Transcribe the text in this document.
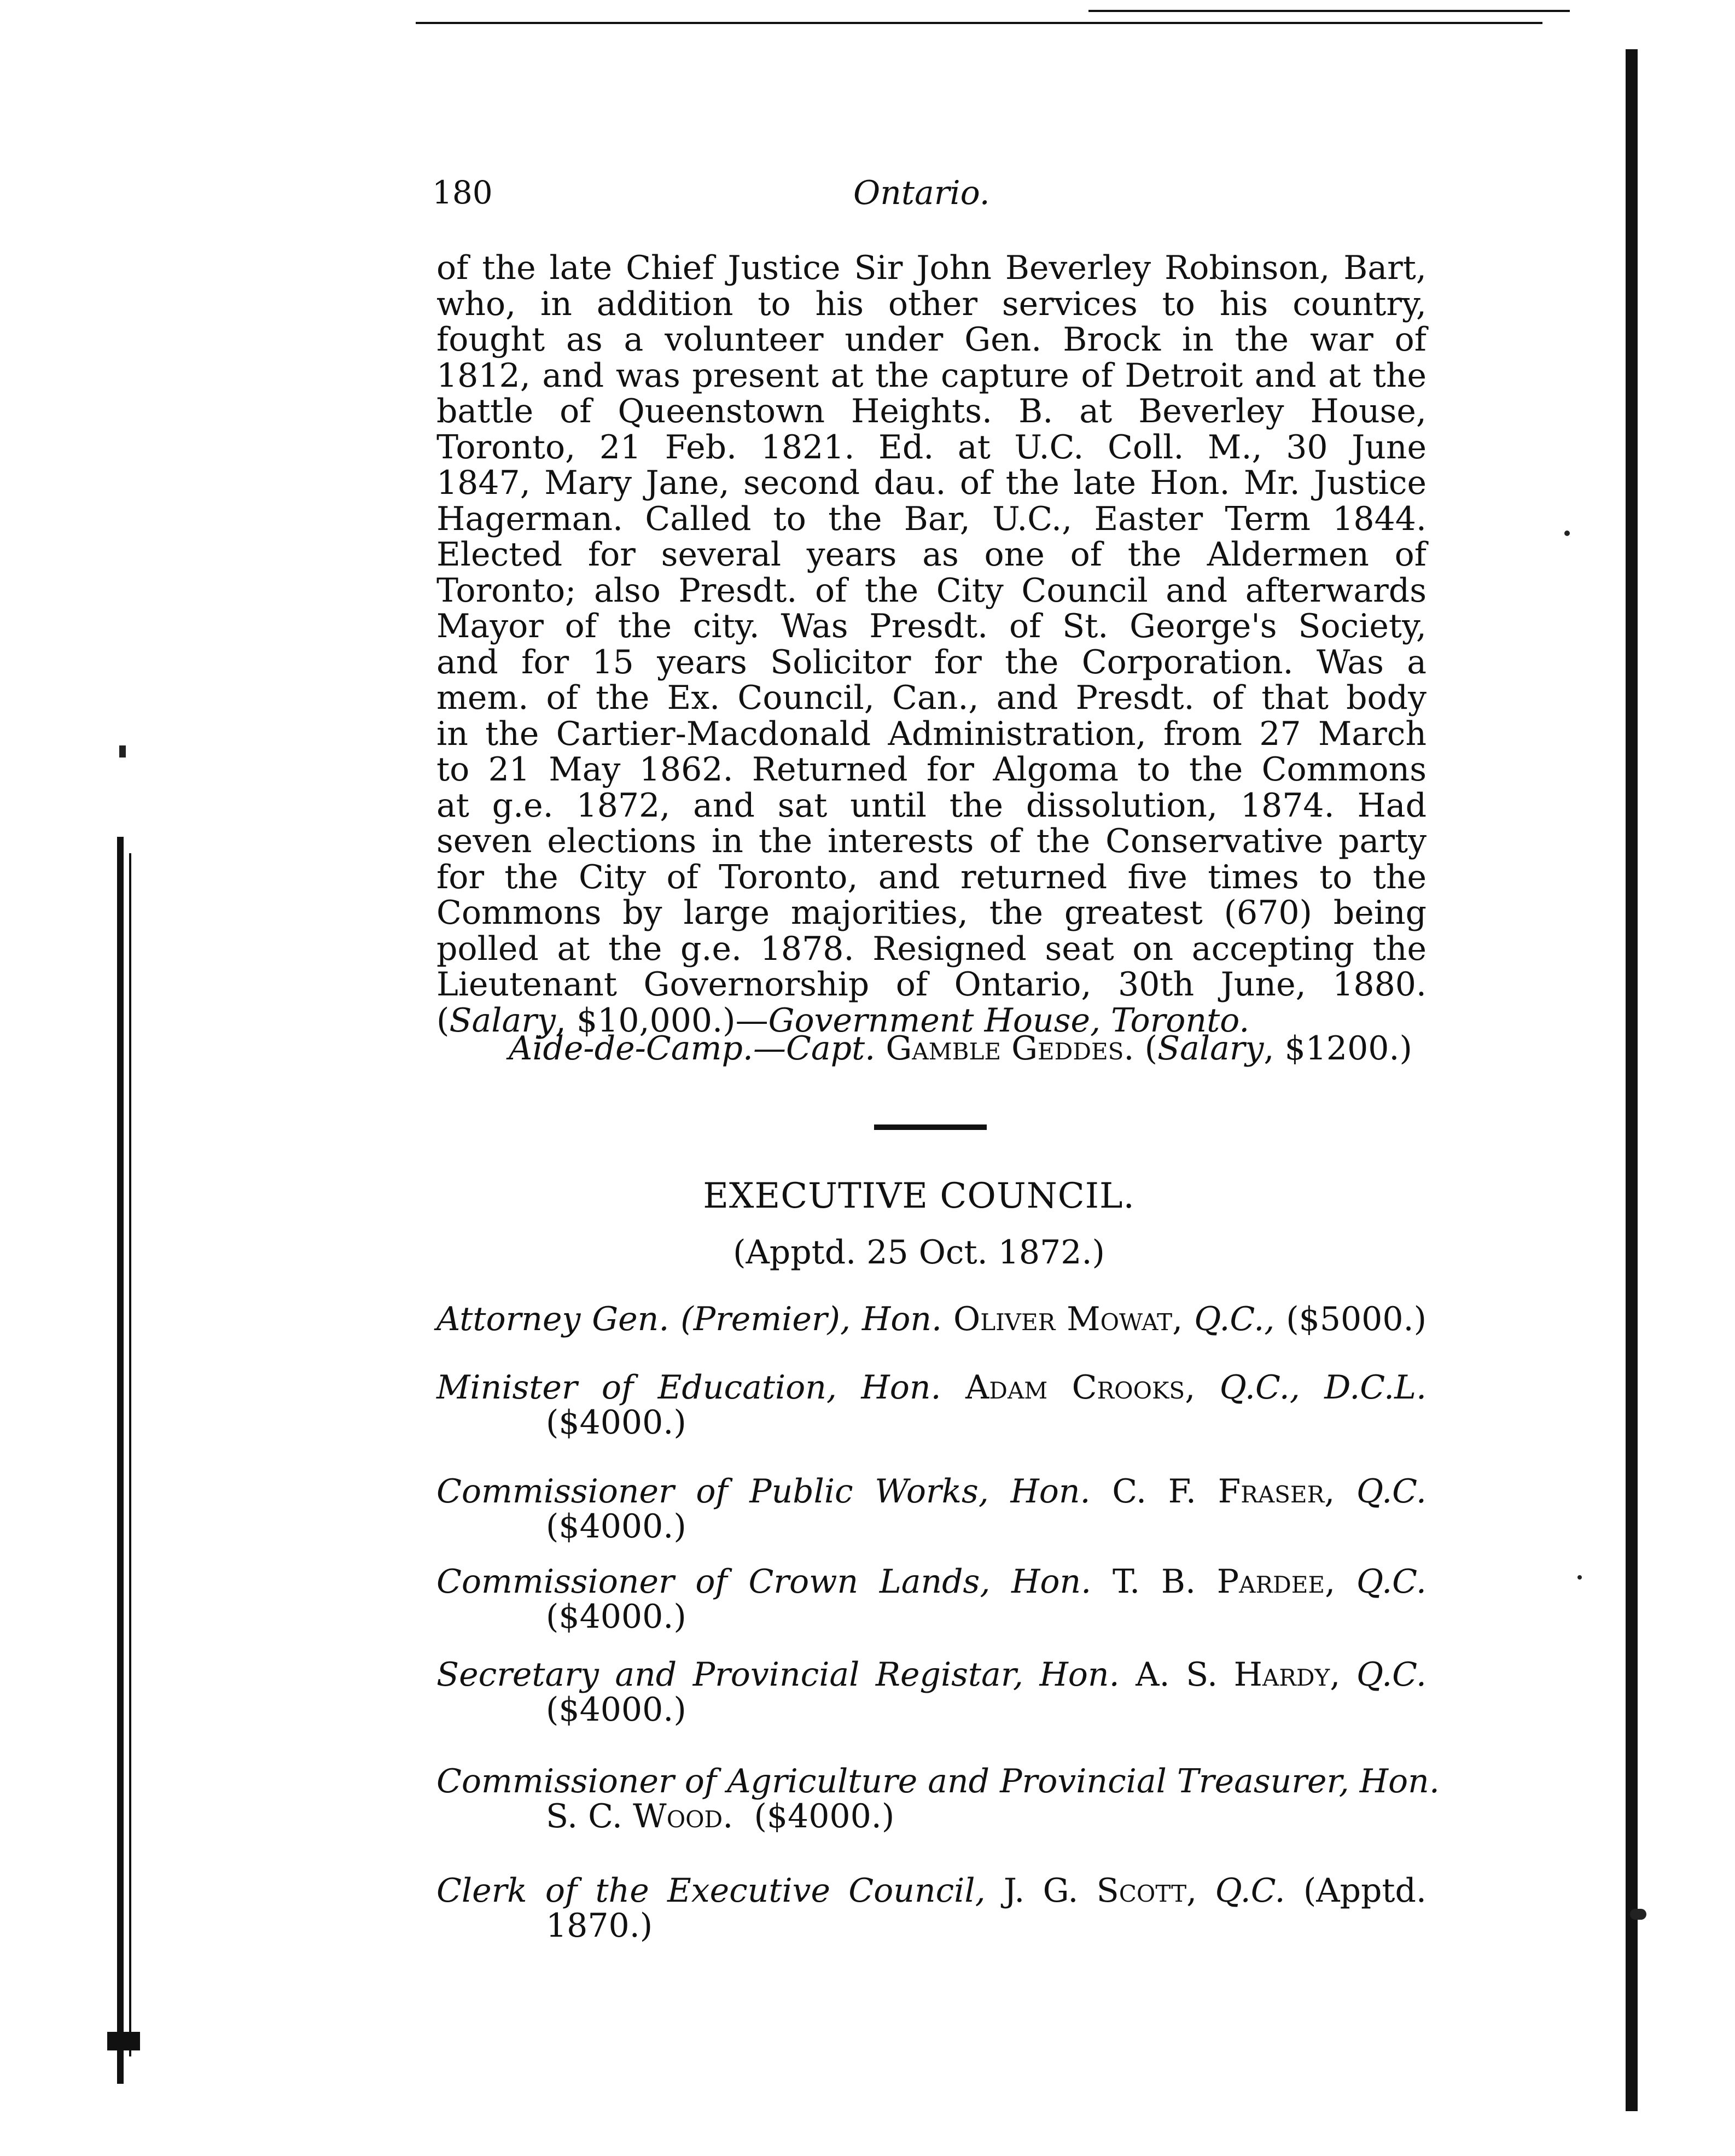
180	Ontario.
of the late Chief Justice Sir John Beverley Robinson, Bart,
who, in addition to his other services to his country,
fought as a volunteer under Gen. Brock in the war of
1812, and was present at the capture of Detroit and at the
battle of Queenstown Heights. B. at Beverley House,
Toronto, 21 Feb. 1821. Ed. at U.C. Coll. M., 30 June
1847, Mary Jane, second dau. of the late Hon. Mr. Justice
Hagerman. Called to the Bar, U.C., Easter Term 1844.
Elected for several years as one of the Aldermen of
Toronto; also Presdt. of the City Council and afterwards
Mayor of the city. Was Presdt. of St. George's Society,
and for 15 years Solicitor for the Corporation. Was a
mem. of the Ex. Council, Can., and Presdt. of that body
in the Cartier-Macdonald Administration, from 27 March
to 21 May 1862. Returned for Algoma to the Commons
at g.e. 1872, and sat until the dissolution, 1874. Had
seven elections in the interests of the Conservative party
for the City of Toronto, and returned five times to the
Commons by large majorities, the greatest (670) being
polled at the g.e. 1878. Resigned seat on accepting the
Lieutenant Governorship of Ontario, 30th June, 1880.
(Salary, $10,000.)—Government House, Toronto.
Aide-de-Camp.—Capt. Gamble Geddes. (Salary, $1200.)
EXECUTIVE COUNCIL.
(Apptd. 25 Oct. 1872.)
Attorney Gen. (Premier), Hon. Oliver Mowat, Q.C., ($5000.)
Minister of Education, Hon. Adam Crooks, Q.C., D.C.L.
($4000.)
Commissioner of Public Works, Hon. C. F. Fraser, Q.C.
($4000.)
Commissioner of Crown Lands, Hon. T. B. Pardee, Q.C.
($4000.)
Secretary and Provincial Registar, Hon. A. S. Hardy, Q.C.
($4000.)
Commissioner of Agriculture and Provincial Treasurer, Hon.
S. C. Wood. ($4000.)
Clerk of the Executive Council, J. G. Scott, Q.C. (Apptd.
1870.)
